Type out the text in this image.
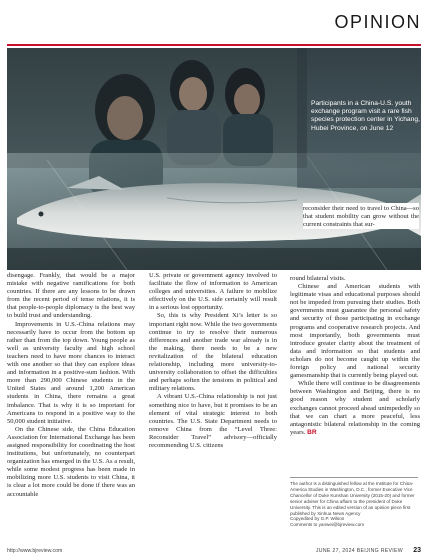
OPINION

Participants in a China-U.S. youth exchange program visit a rare fish species protection center in Yichang, Hubei Province, on June 12

reconsider their need to travel to China—so that student mobility can grow without the current constraints that sur-

disengage. Frankly, that would be a major mistake with negative ramifications for both countries. If there are any lessons to be drawn from the recent period of tense relations, it is that people-to-people diplomacy is the best way to build trust and understanding.

Improvements in U.S.-China relations may necessarily have to occur from the bottom up rather than from the top down. Young people as well as university faculty and high school teachers need to have more chances to interact with one another so that they can explore ideas and information in a positive-sum fashion. With more than 290,000 Chinese students in the United States and around 1,200 American students in China, there remains a great imbalance. That is why it is so important for Americans to respond in a positive way to the 50,000 student initiative.

On the Chinese side, the China Education Association for International Exchange has been assigned responsibility for coordinating the host institutions, but unfortunately, no counterpart organization has emerged in the U.S. As a result, while some modest progress has been made in mobilizing more U.S. students to visit China, it is clear a lot more could be done if there was an accountable

U.S. private or government agency involved to facilitate the flow of information to American colleges and universities. A failure to mobilize effectively on the U.S. side certainly will result in a serious lost opportunity.

So, this is why President Xi’s letter is so important right now. While the two governments continue to try to resolve their numerous differences and another trade war already is in the making, there needs to be a new revitalization of the bilateral education relationship, including more university-to-university collaboration to offset the difficulties and perhaps soften the tensions in political and military relations.

A vibrant U.S.-China relationship is not just something nice to have, but it promises to be an element of vital strategic interest to both countries. The U.S. State Department needs to remove China from the “Level Three: Reconsider Travel” advisory—officially recommending U.S. citizens

round bilateral visits.

Chinese and American students with legitimate visas and educational purposes should not be impeded from pursuing their studies. Both governments must guarantee the personal safety and security of those participating in exchange programs and cooperative research projects. And most importantly, both governments must introduce greater clarity about the treatment of data and information so that students and scholars do not become caught up within the foreign policy and national security gamesmanship that is currently being played out.

While there will continue to be disagreements between Washington and Beijing, there is no good reason why student and scholarly exchanges cannot proceed ahead unimpededly so that we can chart a more peaceful, less antagonistic bilateral relationship in the coming years. BR

The author is a distinguished fellow at the Institute for China-America Studies in Washington, D.C., former Executive Vice Chancellor of Duke Kunshan University (2015-20) and former senior adviser for China affairs to the president of Duke University. This is an edited version of an opinion piece first published by Xinhua News Agency

Copyedited by G.P. Wilson

Comments to yanwei@bjreview.com

http://www.bjreview.com	JUNE 27, 2024 BEIJING REVIEW 23
